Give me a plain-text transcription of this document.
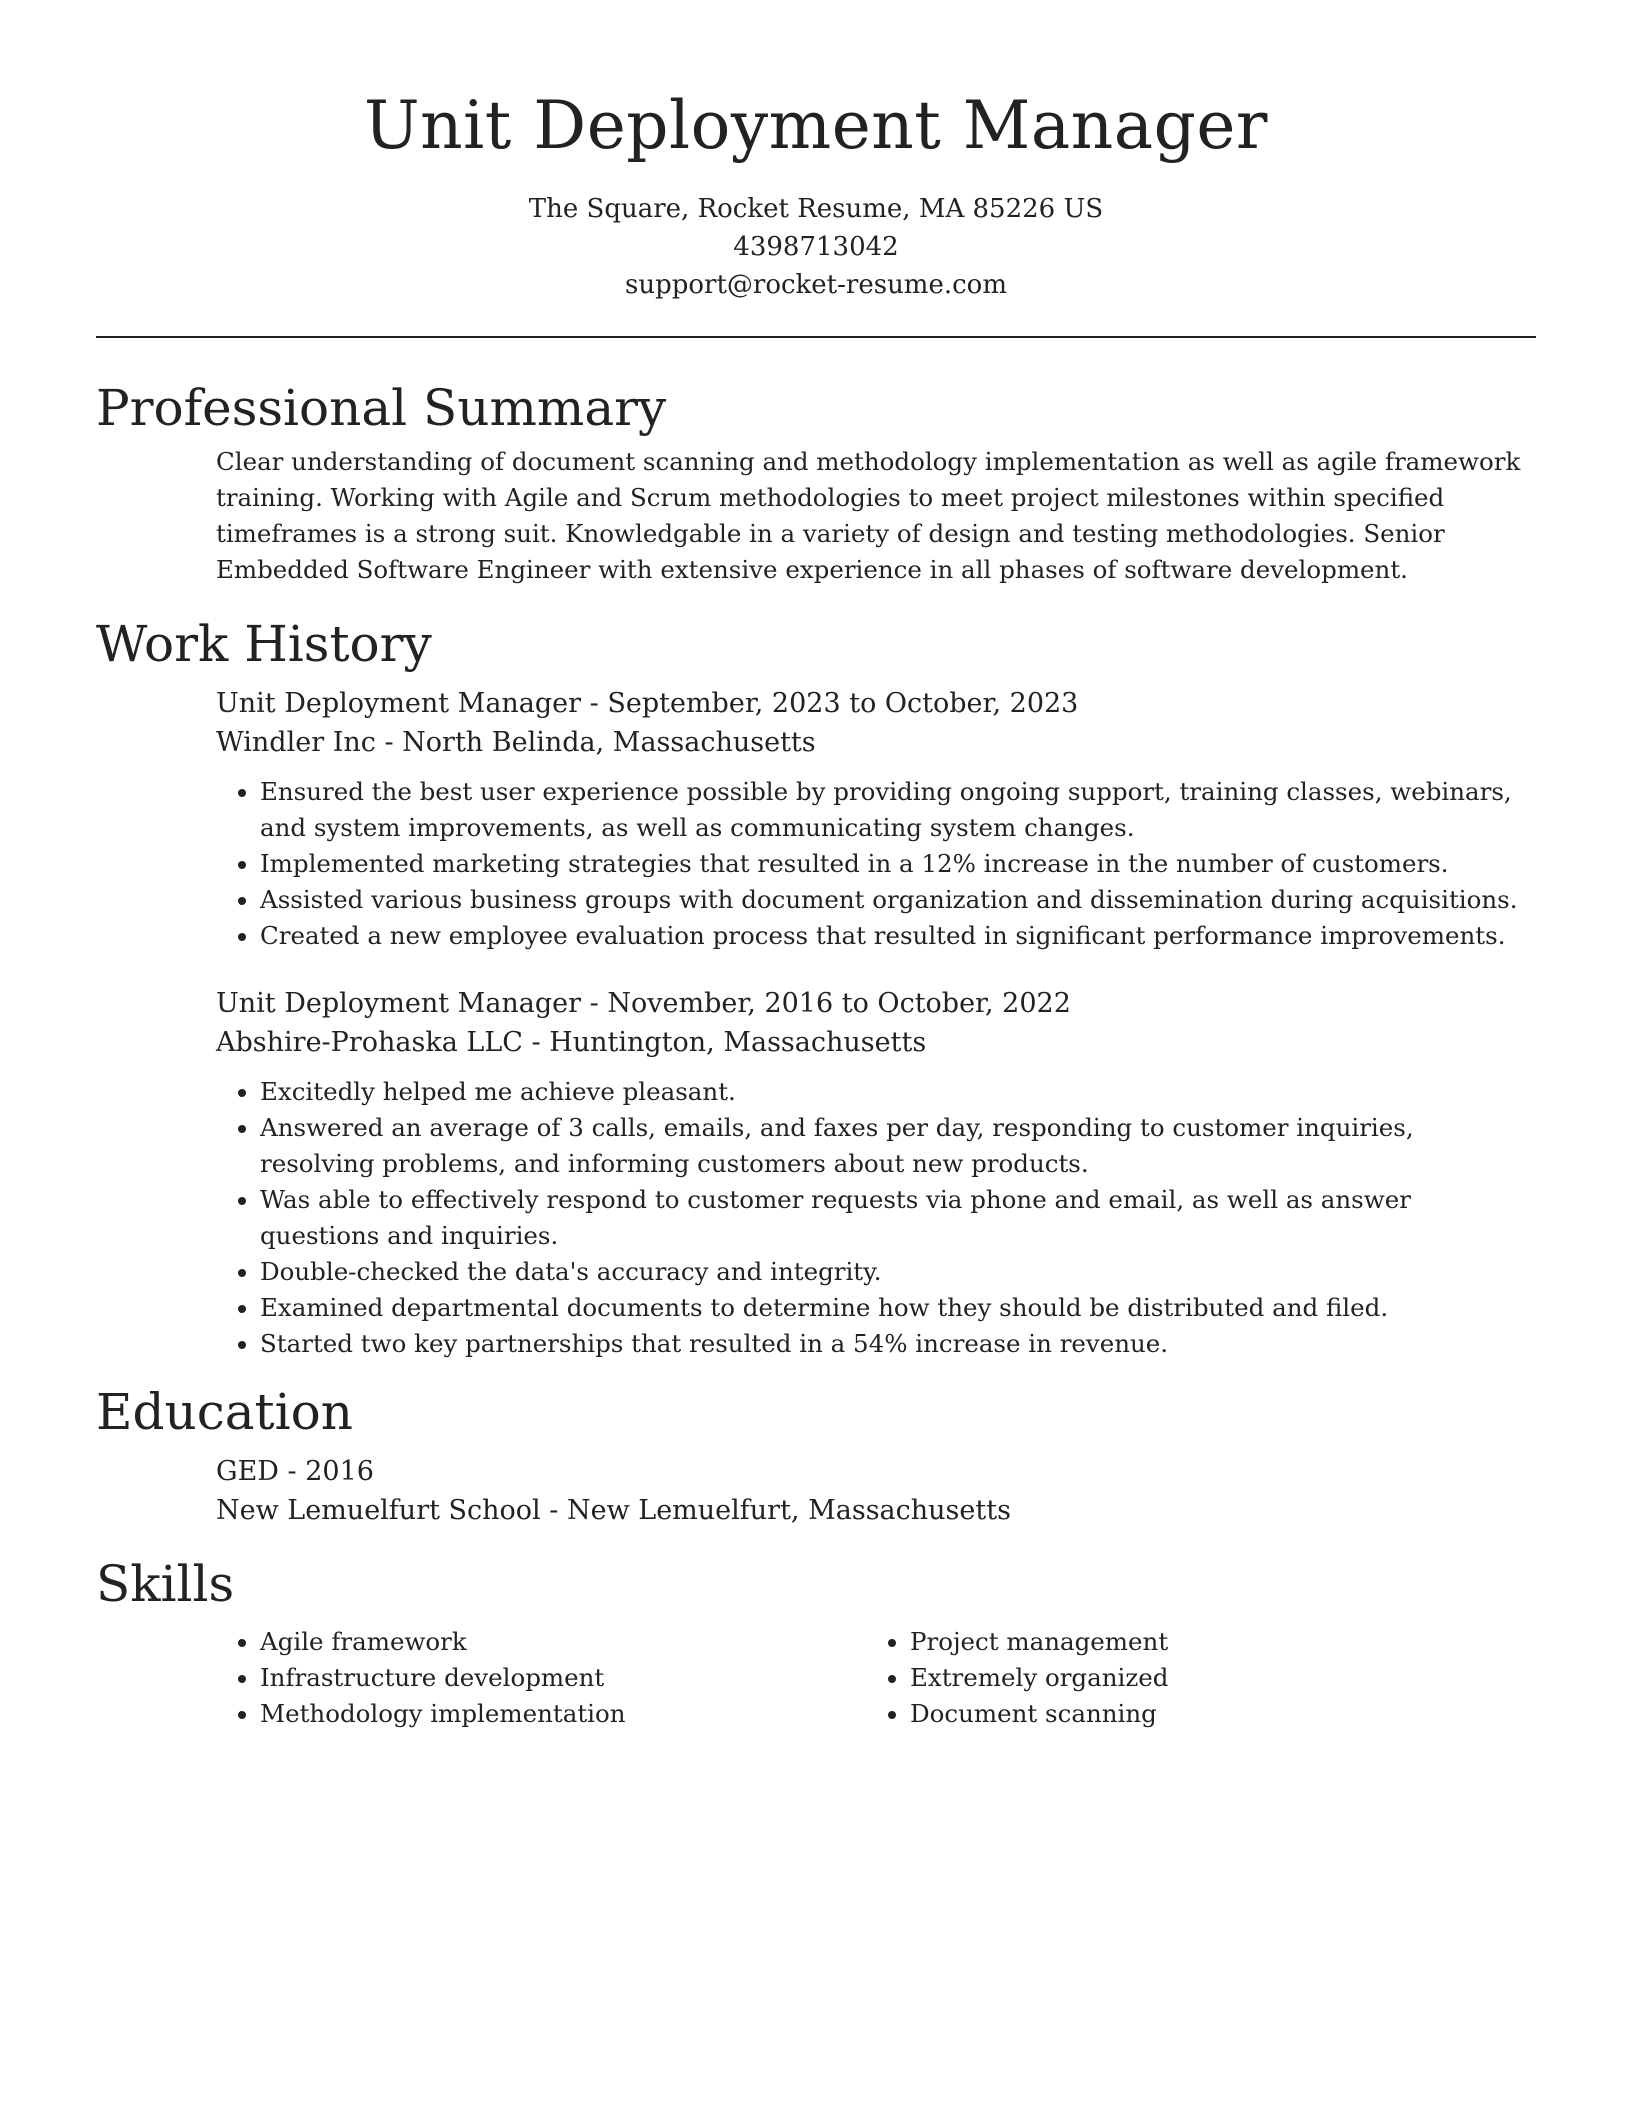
Unit Deployment Manager

The Square, Rocket Resume, MA 85226 US

4398713042

support@rocket-resume.com

Professional Summary

Clear understanding of document scanning and methodology implementation as well as agile framework training. Working with Agile and Scrum methodologies to meet project milestones within specified timeframes is a strong suit. Knowledgable in a variety of design and testing methodologies. Senior Embedded Software Engineer with extensive experience in all phases of software development.

Work History

Unit Deployment Manager - September, 2023 to October, 2023

Windler Inc - North Belinda, Massachusetts

• Ensured the best user experience possible by providing ongoing support, training classes, webinars, and system improvements, as well as communicating system changes.
• Implemented marketing strategies that resulted in a 12% increase in the number of customers.
• Assisted various business groups with document organization and dissemination during acquisitions.
• Created a new employee evaluation process that resulted in significant performance improvements.

Unit Deployment Manager - November, 2016 to October, 2022

Abshire-Prohaska LLC - Huntington, Massachusetts

• Excitedly helped me achieve pleasant.
• Answered an average of 3 calls, emails, and faxes per day, responding to customer inquiries, resolving problems, and informing customers about new products.
• Was able to effectively respond to customer requests via phone and email, as well as answer questions and inquiries.
• Double-checked the data's accuracy and integrity.
• Examined departmental documents to determine how they should be distributed and filed.
• Started two key partnerships that resulted in a 54% increase in revenue.
Education

GED - 2016

New Lemuelfurt School - New Lemuelfurt, Massachusetts

Skills
• Agile framework
• Infrastructure development
• Methodology implementation
• Project management
• Extremely organized
• Document scanning
